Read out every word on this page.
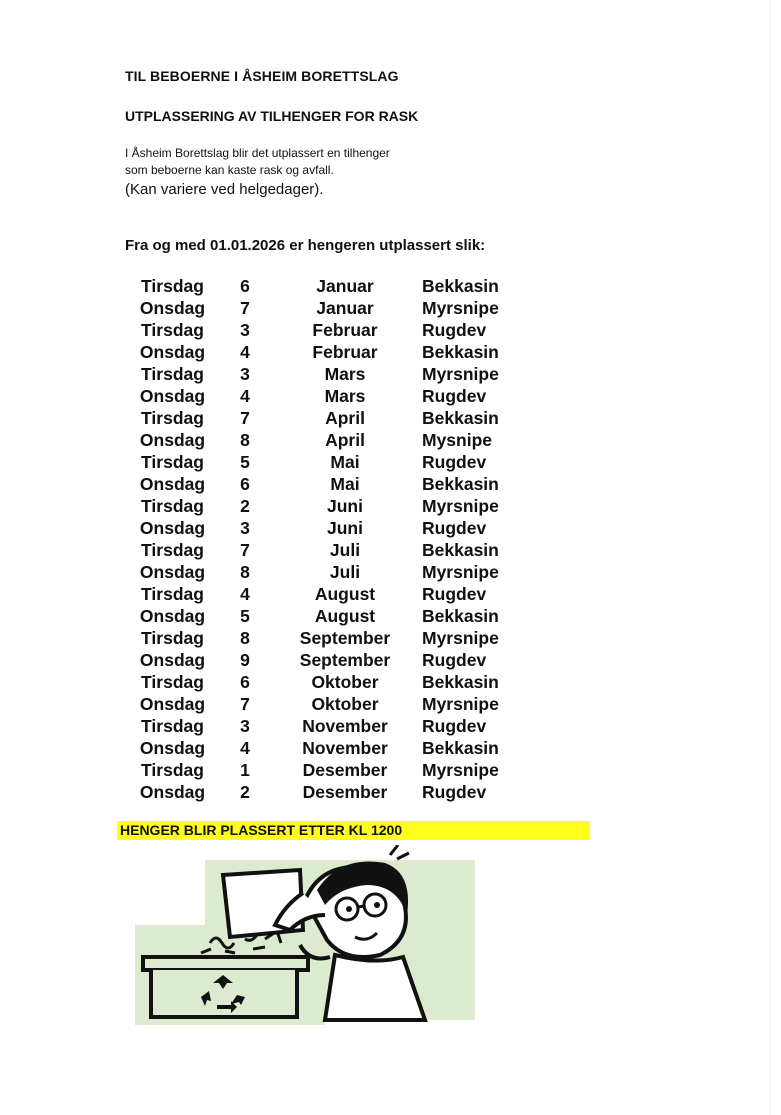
TIL BEBOERNE I ÅSHEIM BORETTSLAG
UTPLASSERING AV TILHENGER FOR RASK
I Åsheim Borettslag blir det utplassert en tilhenger
som beboerne kan kaste rask og avfall.
(Kan variere ved helgedager).
Fra og med 01.01.2026 er hengeren utplassert slik:
Tirsdag	6	Januar	Bekkasin
Onsdag	7	Januar	Myrsnipe
Tirsdag	3	Februar	Rugdev
Onsdag	4	Februar	Bekkasin
Tirsdag	3	Mars	Myrsnipe
Onsdag	4	Mars	Rugdev
Tirsdag	7	April	Bekkasin
Onsdag	8	April	Mysnipe
Tirsdag	5	Mai	Rugdev
Onsdag	6	Mai	Bekkasin
Tirsdag	2	Juni	Myrsnipe
Onsdag	3	Juni	Rugdev
Tirsdag	7	Juli	Bekkasin
Onsdag	8	Juli	Myrsnipe
Tirsdag	4	August	Rugdev
Onsdag	5	August	Bekkasin
Tirsdag	8	September	Myrsnipe
Onsdag	9	September	Rugdev
Tirsdag	6	Oktober	Bekkasin
Onsdag	7	Oktober	Myrsnipe
Tirsdag	3	November	Rugdev
Onsdag	4	November	Bekkasin
Tirsdag	1	Desember	Myrsnipe
Onsdag	2	Desember	Rugdev
HENGER BLIR PLASSERT ETTER KL 1200
